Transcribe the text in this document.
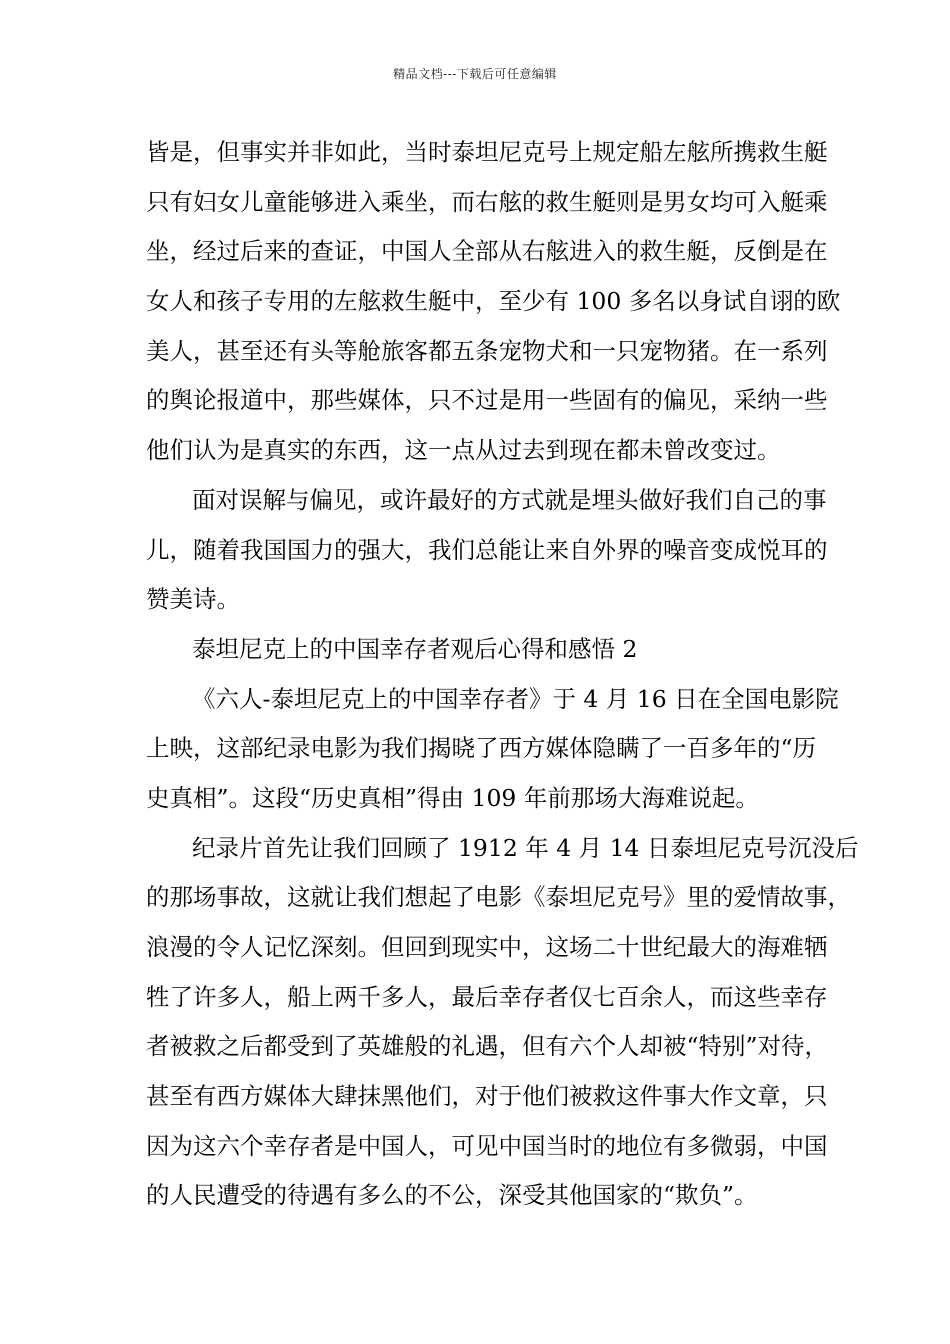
精品文档---下载后可任意编辑
皆是，但事实并非如此，当时泰坦尼克号上规定船左舷所携救生艇
只有妇女儿童能够进入乘坐，而右舷的救生艇则是男女均可入艇乘
坐，经过后来的查证，中国人全部从右舷进入的救生艇，反倒是在
女人和孩子专用的左舷救生艇中，至少有 100 多名以身试自诩的欧
美人，甚至还有头等舱旅客都五条宠物犬和一只宠物猪。在一系列
的舆论报道中，那些媒体，只不过是用一些固有的偏见，采纳一些
他们认为是真实的东西，这一点从过去到现在都未曾改变过。
面对误解与偏见，或许最好的方式就是埋头做好我们自己的事
儿，随着我国国力的强大，我们总能让来自外界的噪音变成悦耳的
赞美诗。
泰坦尼克上的中国幸存者观后心得和感悟 2
《六人-泰坦尼克上的中国幸存者》于 4 月 16 日在全国电影院
上映，这部纪录电影为我们揭晓了西方媒体隐瞒了一百多年的“历
史真相”。这段“历史真相”得由 109 年前那场大海难说起。
纪录片首先让我们回顾了 1912 年 4 月 14 日泰坦尼克号沉没后
的那场事故，这就让我们想起了电影《泰坦尼克号》里的爱情故事，
浪漫的令人记忆深刻。但回到现实中，这场二十世纪最大的海难牺
牲了许多人，船上两千多人，最后幸存者仅七百余人，而这些幸存
者被救之后都受到了英雄般的礼遇，但有六个人却被“特别”对待，
甚至有西方媒体大肆抹黑他们，对于他们被救这件事大作文章，只
因为这六个幸存者是中国人，可见中国当时的地位有多微弱，中国
的人民遭受的待遇有多么的不公，深受其他国家的“欺负”。
